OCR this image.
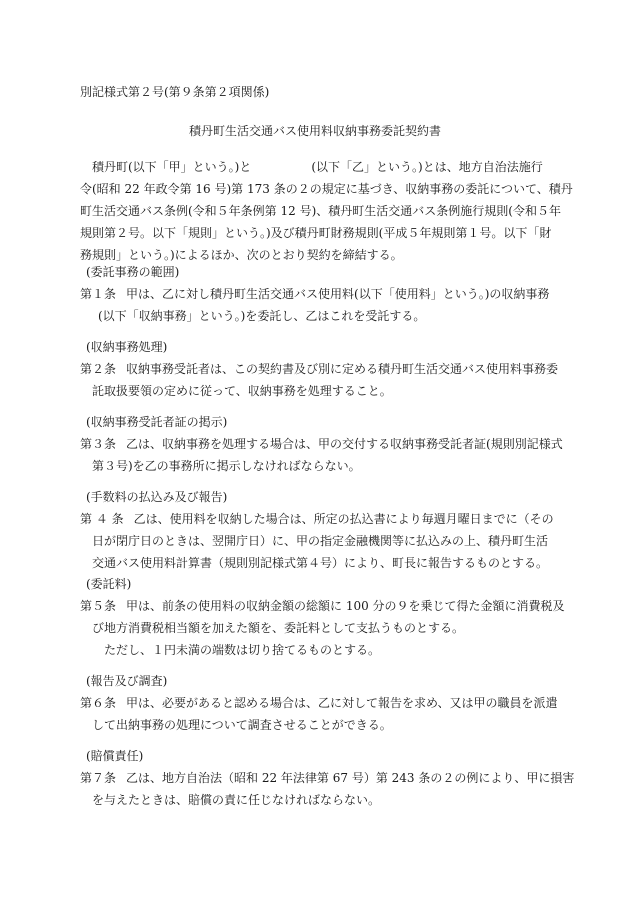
別記様式第２号(第９条第２項関係)
積丹町生活交通バス使用料収納事務委託契約書
積丹町(以下「甲」という。)と	(以下「乙」という。)とは、地方自治法施行
令(昭和 22 年政令第 16 号)第 173 条の２の規定に基づき、収納事務の委託について、積丹
町生活交通バス条例(令和５年条例第 12 号)、積丹町生活交通バス条例施行規則(令和５年
規則第２号。以下「規則」という。)及び積丹町財務規則(平成５年規則第１号。以下「財
務規則」という。)によるほか、次のとおり契約を締結する。
(委託事務の範囲)
第１条 甲は、乙に対し積丹町生活交通バス使用料(以下「使用料」という。)の収納事務
(以下「収納事務」という。)を委託し、乙はこれを受託する。
(収納事務処理)
第２条 収納事務受託者は、この契約書及び別に定める積丹町生活交通バス使用料事務委
託取扱要領の定めに従って、収納事務を処理すること。
(収納事務受託者証の掲示)
第３条 乙は、収納事務を処理する場合は、甲の交付する収納事務受託者証(規則別記様式
第３号)を乙の事務所に掲示しなければならない。
(手数料の払込み及び報告)
第 ４ 条 乙は、使用料を収納した場合は、所定の払込書により毎週月曜日までに（その
日が閉庁日のときは、翌開庁日）に、甲の指定金融機関等に払込みの上、積丹町生活
交通バス使用料計算書（規則別記様式第４号）により、町長に報告するものとする。
(委託料)
第５条 甲は、前条の使用料の収納金額の総額に 100 分の９を乗じて得た金額に消費税及
び地方消費税相当額を加えた額を、委託料として支払うものとする。
ただし、１円未満の端数は切り捨てるものとする。
(報告及び調査)
第６条 甲は、必要があると認める場合は、乙に対して報告を求め、又は甲の職員を派遣
して出納事務の処理について調査させることができる。
(賠償責任)
第７条 乙は、地方自治法（昭和 22 年法律第 67 号）第 243 条の２の例により、甲に損害
を与えたときは、賠償の責に任じなければならない。
